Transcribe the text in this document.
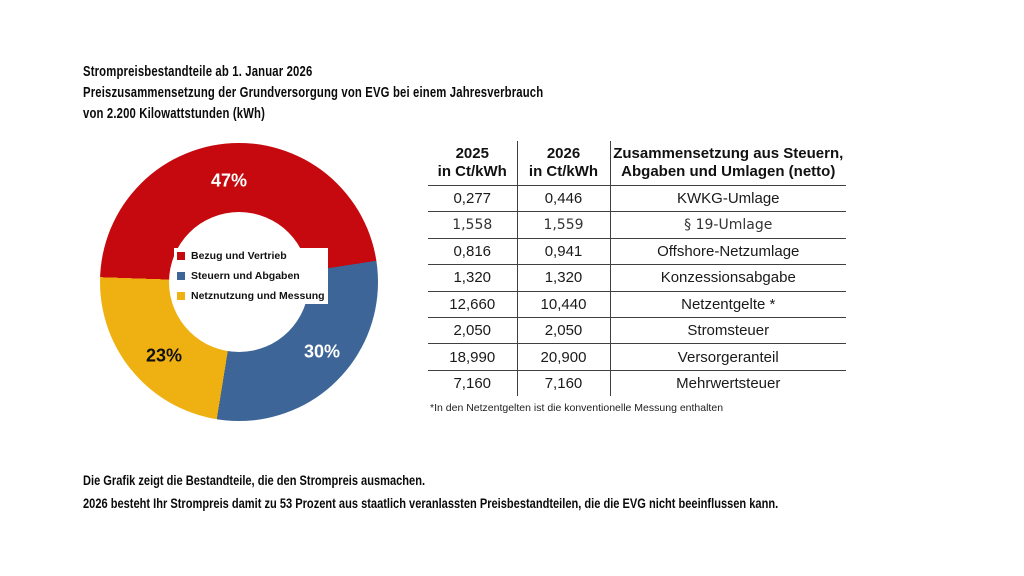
Strompreisbestandteile ab 1. Januar 2026
Preiszusammensetzung der Grundversorgung von EVG bei einem Jahresverbrauch
von 2.200 Kilowattstunden (kWh)
47%
30%
23%
Bezug und Vertrieb
Steuern und Abgaben
Netznutzung und Messung
2025
in Ct/kWh

2026
in Ct/kWh

Zusammensetzung aus Steuern,
Abgaben und Umlagen (netto)

0,277	0,446	KWKG-Umlage
1,558	1,559	§ 19-Umlage
0,816	0,941	Offshore-Netzumlage
1,320	1,320	Konzessionsabgabe
12,660	10,440	Netzentgelte *
2,050	2,050	Stromsteuer
18,990	20,900	Versorgeranteil
7,160	7,160	Mehrwertsteuer
*In den Netzentgelten ist die konventionelle Messung enthalten
Die Grafik zeigt die Bestandteile, die den Strompreis ausmachen.
2026 besteht Ihr Strompreis damit zu 53 Prozent aus staatlich veranlassten Preisbestandteilen, die die EVG nicht beeinflussen kann.
